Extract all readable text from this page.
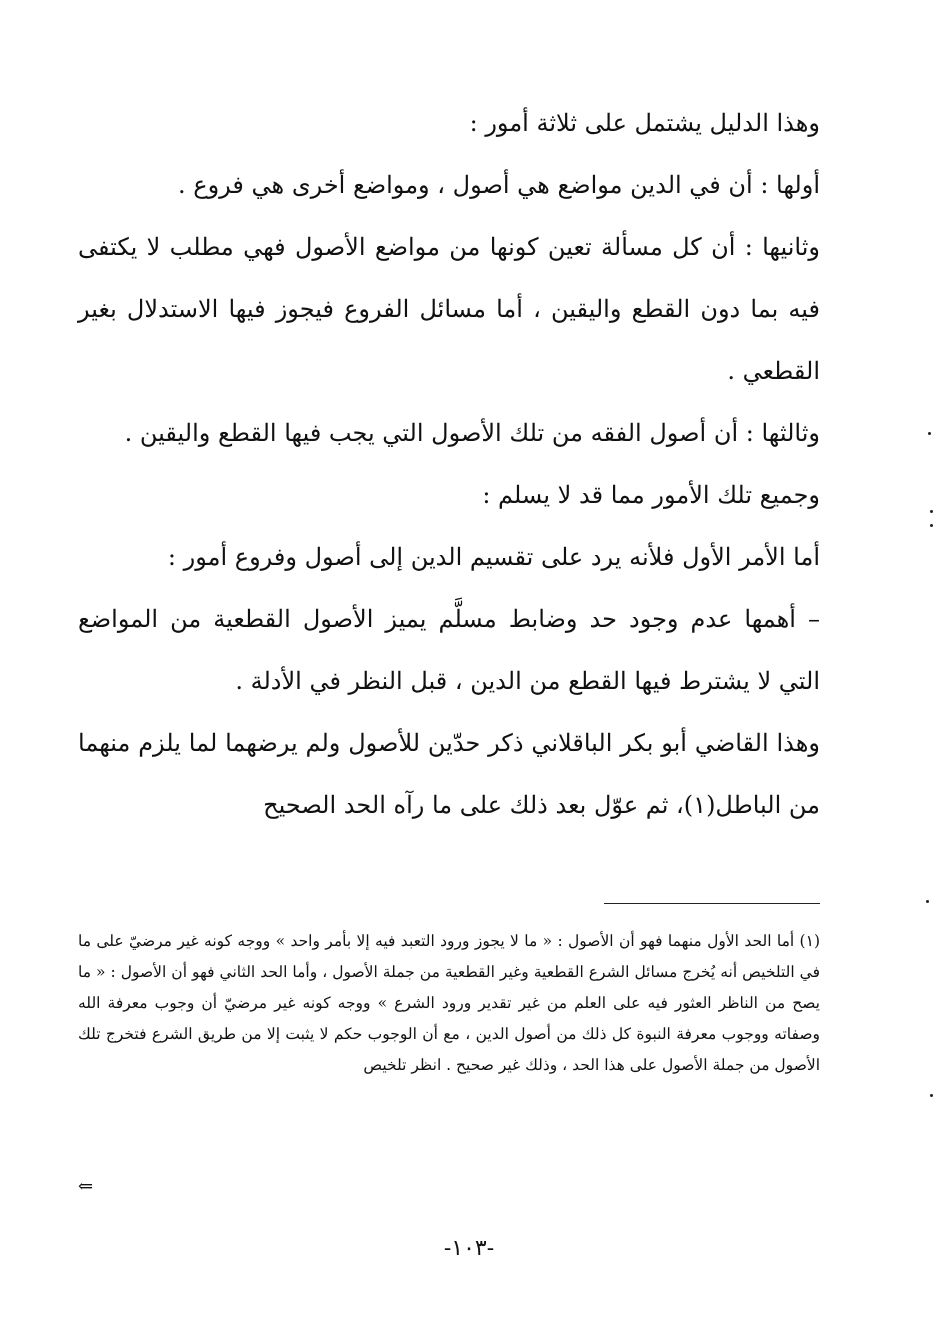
وهذا الدليل يشتمل على ثلاثة أمور :

أولها : أن في الدين مواضع هي أصول ، ومواضع أخرى هي فروع .

وثانيها : أن كل مسألة تعين كونها من مواضع الأصول فهي مطلب لا يكتفى فيه بما دون القطع واليقين ، أما مسائل الفروع فيجوز فيها الاستدلال بغير القطعي .

وثالثها : أن أصول الفقه من تلك الأصول التي يجب فيها القطع واليقين .

وجميع تلك الأمور مما قد لا يسلم :

أما الأمر الأول فلأنه يرد على تقسيم الدين إلى أصول وفروع أمور :

– أهمها عدم وجود حد وضابط مسلَّم يميز الأصول القطعية من المواضع التي لا يشترط فيها القطع من الدين ، قبل النظر في الأدلة .

وهذا القاضي أبو بكر الباقلاني ذكر حدّين للأصول ولم يرضهما لما يلزم منهما من الباطل(١)، ثم عوّل بعد ذلك على ما رآه الحد الصحيح

(١) أما الحد الأول منهما فهو أن الأصول : « ما لا يجوز ورود التعبد فيه إلا بأمر واحد » ووجه كونه غير مرضيّ على ما في التلخيص أنه يُخرج مسائل الشرع القطعية وغير القطعية من جملة الأصول ، وأما الحد الثاني فهو أن الأصول : « ما يصح من الناظر العثور فيه على العلم من غير تقدير ورود الشرع » ووجه كونه غير مرضيّ أن وجوب معرفة الله وصفاته ووجوب معرفة النبوة كل ذلك من أصول الدين ، مع أن الوجوب حكم لا يثبت إلا من طريق الشرع فتخرج تلك الأصول من جملة الأصول على هذا الحد ، وذلك غير صحيح . انظر تلخيص

⇐
-١٠٣-
